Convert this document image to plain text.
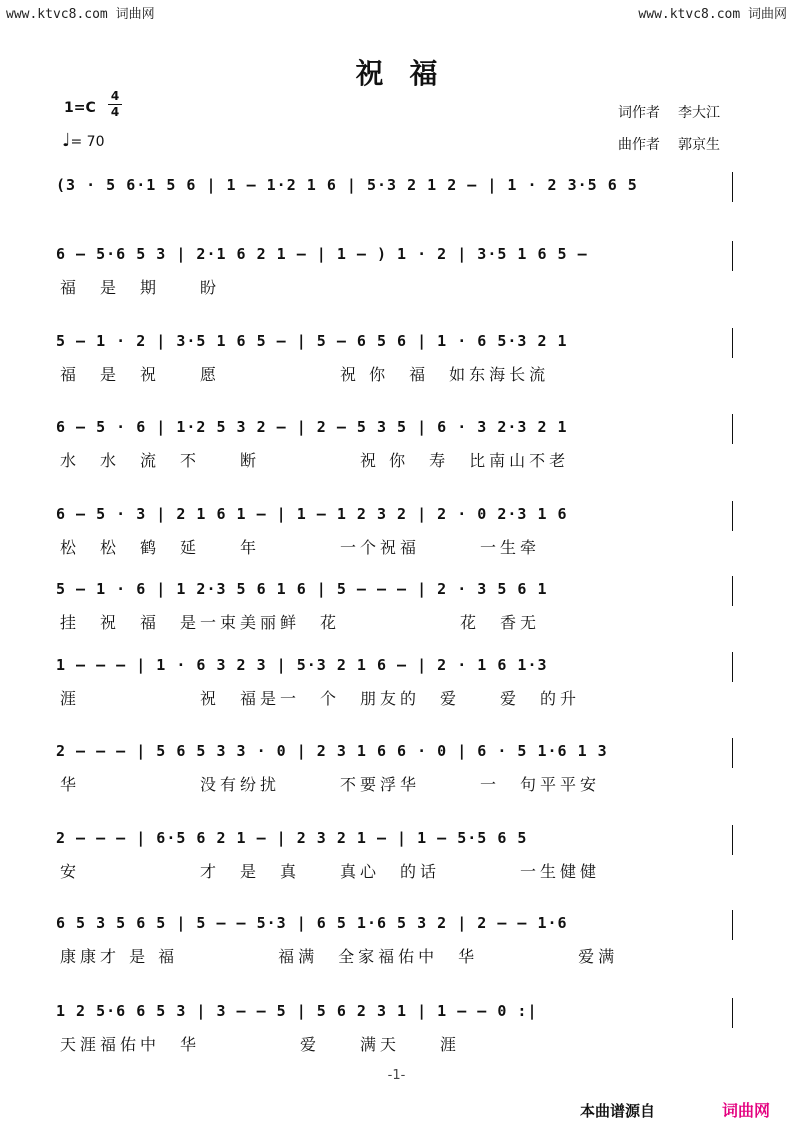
www.ktvc8.com 词曲网	www.ktvc8.com 词曲网
祝福
1=C
4
4
♩= 70
词作者 李大江
曲作者 郭京生
(3 · 5 6·1 5 6 | 1 — 1·2 1 6 | 5·3 2 1 2 — | 1 · 2 3·5 6 5
6 — 5·6 5 3 | 2·1 6 2 1 — | 1 — ) 1 · 2 | 3·5 1 6 5 —
福　是　期　　盼
5 — 1 · 2 | 3·5 1 6 5 — | 5 — 6 5 6 | 1 · 6 5·3 2 1
福　是　祝　　愿　　　　　　祝 你　福　如东海长流
6 — 5 · 6 | 1·2 5 3 2 — | 2 — 5 3 5 | 6 · 3 2·3 2 1
水　水　流　不　　断　　　　　祝 你　寿　比南山不老
6 — 5 · 3 | 2 1 6 1 — | 1 — 1 2 3 2 | 2 · 0 2·3 1 6
松　松　鹤　延　　年　　　　一个祝福　　　一生牵
5 — 1 · 6 | 1 2·3 5 6 1 6 | 5 — — — | 2 · 3 5 6 1
挂　祝　福　是一束美丽鲜　花　　　　　　花　香无
1 — — — | 1 · 6 3 2 3 | 5·3 2 1 6 — | 2 · 1 6 1·3
涯　　　　　　祝　福是一　个　朋友的　爱　　爱　的升
2 — — — | 5 6 5 3 3 · 0 | 2 3 1 6 6 · 0 | 6 · 5 1·6 1 3
华　　　　　　没有纷扰　　　不要浮华　　　一　句平平安
2 — — — | 6·5 6 2 1 — | 2 3 2 1 — | 1 — 5·5 6 5
安　　　　　　才　是　真　　真心　的话　　　　一生健健
6 5 3 5 6 5 | 5 — — 5·3 | 6 5 1·6 5 3 2 | 2 — — 1·6
康康才 是 福　　　　　福满　全家福佑中　华　　　　　爱满
1 2 5·6 6 5 3 | 3 — — 5 | 5 6 2 3 1 | 1 — — 0 :|
天涯福佑中　华　　　　　爱　　满天　　涯
-1-
本曲谱源自	词曲网
